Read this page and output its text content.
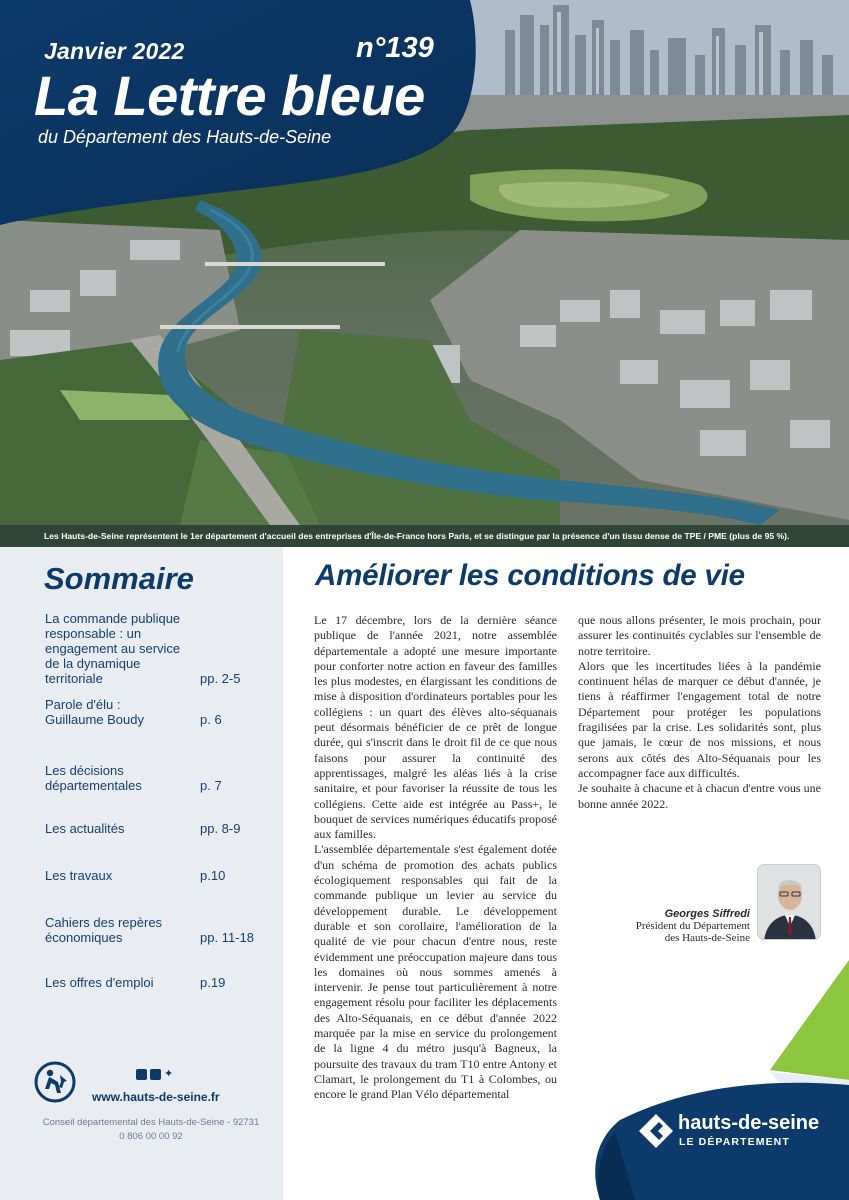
Janvier 2022	n°139
La Lettre bleue
du Département des Hauts-de-Seine
Les Hauts-de-Seine représentent le 1er département d'accueil des entreprises d'Île-de-France hors Paris, et se distingue par la présence d'un tissu dense de TPE / PME (plus de 95 %).
Sommaire
La commande publique responsable : un engagement au service de la dynamique territoriale	pp. 2-5
Parole d'élu : Guillaume Boudy	p. 6
Les décisions départementales	p. 7
Les actualités	pp. 8-9
Les travaux	p.10
Cahiers des repères économiques	pp. 11-18
Les offres d'emploi	p.19
✦
www.hauts-de-seine.fr
Conseil départemental des Hauts-de-Seine - 92731
0 806 00 00 92
Améliorer les conditions de vie

Le 17 décembre, lors de la dernière séance publique de l'année 2021, notre assemblée départementale a adopté une mesure importante pour conforter notre action en faveur des familles les plus modestes, en élargissant les conditions de mise à disposition d'ordinateurs portables pour les collégiens : un quart des élèves alto-séquanais peut désormais bénéficier de ce prêt de longue durée, qui s'inscrit dans le droit fil de ce que nous faisons pour assurer la continuité des apprentissages, malgré les aléas liés à la crise sanitaire, et pour favoriser la réussite de tous les collégiens. Cette aide est intégrée au Pass+, le bouquet de services numériques éducatifs proposé aux familles.

L'assemblée départementale s'est également dotée d'un schéma de promotion des achats publics écologiquement responsables qui fait de la commande publique un levier au service du développement durable. Le développement durable et son corollaire, l'amélioration de la qualité de vie pour chacun d'entre nous, reste évidemment une préoccupation majeure dans tous les domaines où nous sommes amenés à intervenir. Je pense tout particulièrement à notre engagement résolu pour faciliter les déplacements des Alto-Séquanais, en ce début d'année 2022 marquée par la mise en service du prolongement de la ligne 4 du métro jusqu'à Bagneux, la poursuite des travaux du tram T10 entre Antony et Clamart, le prolongement du T1 à Colombes, ou encore le grand Plan Vélo départemental

que nous allons présenter, le mois prochain, pour assurer les continuités cyclables sur l'ensemble de notre territoire.

Alors que les incertitudes liées à la pandémie continuent hélas de marquer ce début d'année, je tiens à réaffirmer l'engagement total de notre Département pour protéger les populations fragilisées par la crise. Les solidarités sont, plus que jamais, le cœur de nos missions, et nous serons aux côtés des Alto-Séquanais pour les accompagner face aux difficultés.

Je souhaite à chacune et à chacun d'entre vous une bonne année 2022.

Georges Siffredi
Président du Département
des Hauts-de-Seine
hauts-de-seine
LE DÉPARTEMENT
